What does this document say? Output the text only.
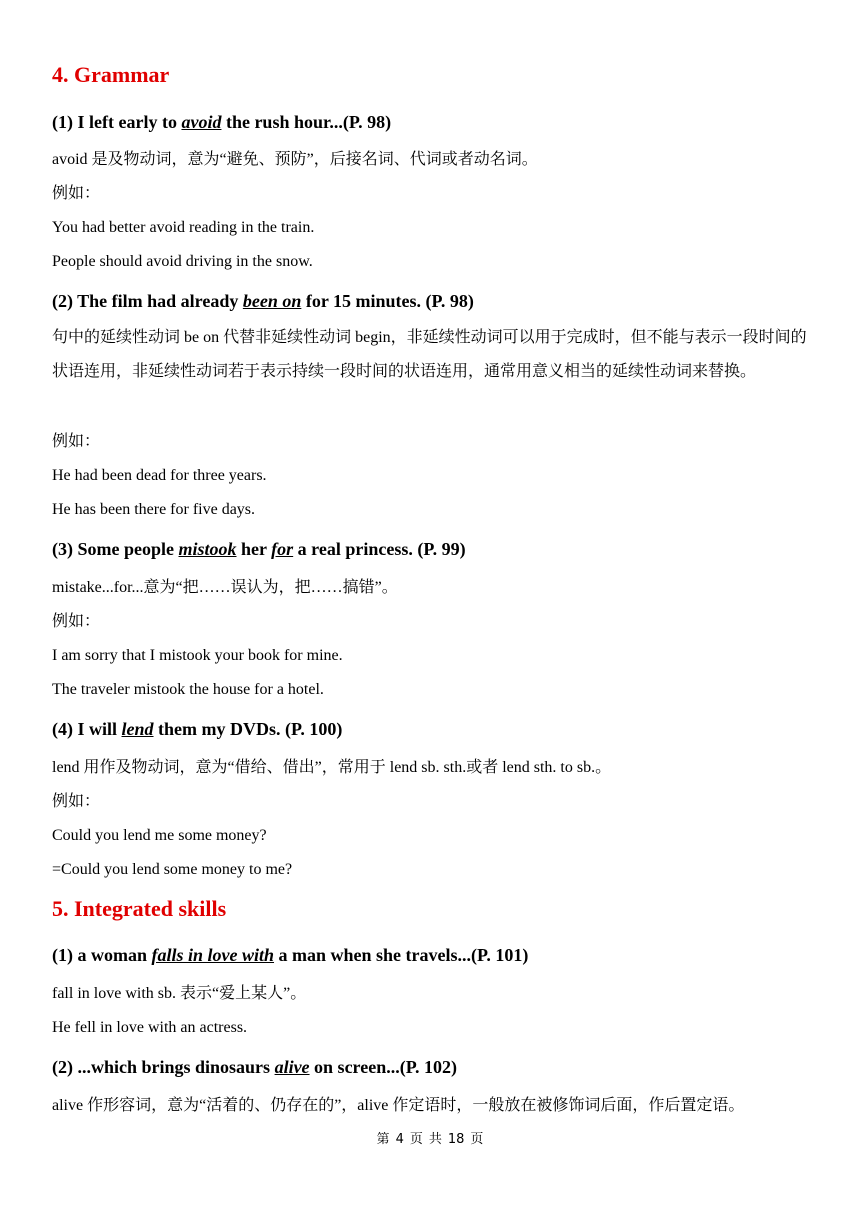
4. Grammar
(1) I left early to avoid the rush hour...(P. 98)
avoid 是及物动词，意为“避免、预防”，后接名词、代词或者动名词。
例如：
You had better avoid reading in the train.
People should avoid driving in the snow.
(2) The film had already been on for 15 minutes. (P. 98)
句中的延续性动词 be on 代替非延续性动词 begin，非延续性动词可以用于完成时，但不能与表示一段时间的状语连用，非延续性动词若于表示持续一段时间的状语连用，通常用意义相当的延续性动词来替换。
例如：
He had been dead for three years.
He has been there for five days.
(3) Some people mistook her for a real princess. (P. 99)
mistake...for...意为“把……误认为，把……搞错”。
例如：
I am sorry that I mistook your book for mine.
The traveler mistook the house for a hotel.
(4) I will lend them my DVDs. (P. 100)
lend 用作及物动词，意为“借给、借出”，常用于 lend sb. sth.或者 lend sth. to sb.。
例如：
Could you lend me some money?
=Could you lend some money to me?
5. Integrated skills
(1) a woman falls in love with a man when she travels...(P. 101)
fall in love with sb. 表示“爱上某人”。
He fell in love with an actress.
(2) ...which brings dinosaurs alive on screen...(P. 102)
alive 作形容词，意为“活着的、仍存在的”，alive 作定语时，一般放在被修饰词后面，作后置定语。
第 4 页 共 18 页
